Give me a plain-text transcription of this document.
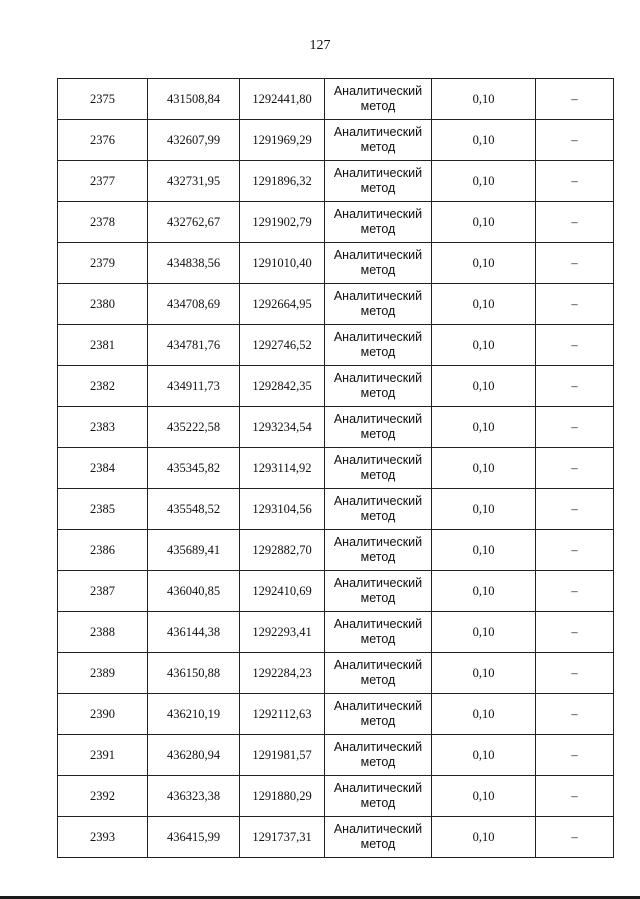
127
2375	431508,84	1292441,80	Аналитический метод	0,10	–
2376	432607,99	1291969,29	Аналитический метод	0,10	–
2377	432731,95	1291896,32	Аналитический метод	0,10	–
2378	432762,67	1291902,79	Аналитический метод	0,10	–
2379	434838,56	1291010,40	Аналитический метод	0,10	–
2380	434708,69	1292664,95	Аналитический метод	0,10	–
2381	434781,76	1292746,52	Аналитический метод	0,10	–
2382	434911,73	1292842,35	Аналитический метод	0,10	–
2383	435222,58	1293234,54	Аналитический метод	0,10	–
2384	435345,82	1293114,92	Аналитический метод	0,10	–
2385	435548,52	1293104,56	Аналитический метод	0,10	–
2386	435689,41	1292882,70	Аналитический метод	0,10	–
2387	436040,85	1292410,69	Аналитический метод	0,10	–
2388	436144,38	1292293,41	Аналитический метод	0,10	–
2389	436150,88	1292284,23	Аналитический метод	0,10	–
2390	436210,19	1292112,63	Аналитический метод	0,10	–
2391	436280,94	1291981,57	Аналитический метод	0,10	–
2392	436323,38	1291880,29	Аналитический метод	0,10	–
2393	436415,99	1291737,31	Аналитический метод	0,10	–
